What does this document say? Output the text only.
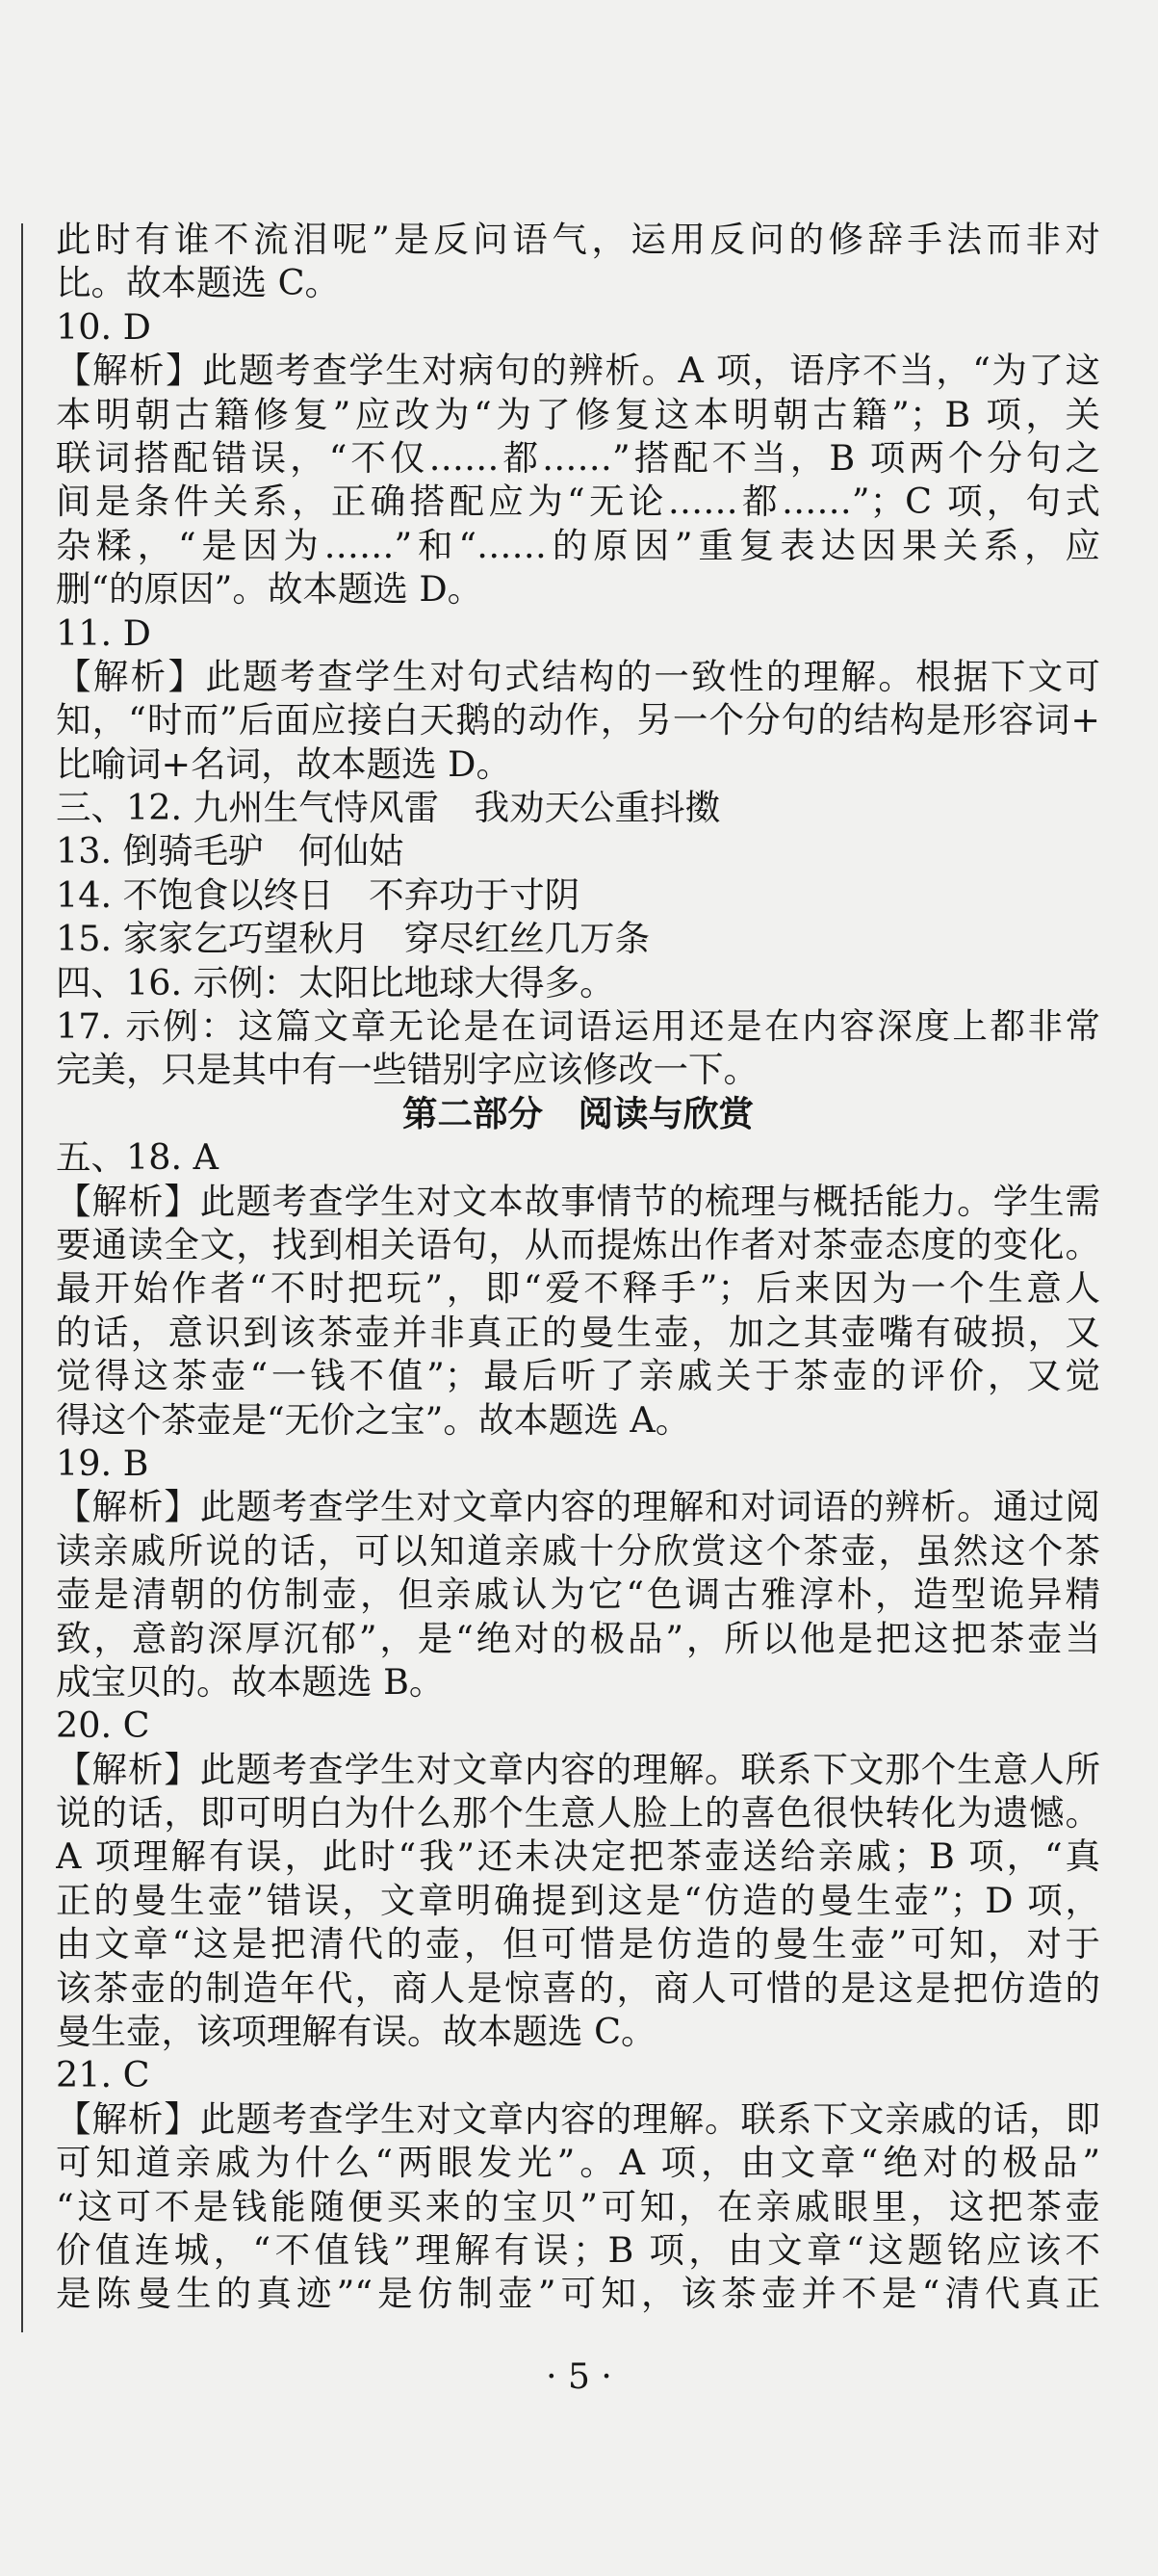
此时有谁不流泪呢”是反问语气，运用反问的修辞手法而非对
比。故本题选 C。
10. D
【解析】此题考查学生对病句的辨析。A 项，语序不当，“为了这
本明朝古籍修复”应改为“为了修复这本明朝古籍”；B 项，关
联词搭配错误，“不仅……都……”搭配不当，B 项两个分句之
间是条件关系，正确搭配应为“无论……都……”；C 项，句式
杂糅，“是因为……”和“……的原因”重复表达因果关系，应
删“的原因”。故本题选 D。
11. D
【解析】此题考查学生对句式结构的一致性的理解。根据下文可
知，“时而”后面应接白天鹅的动作，另一个分句的结构是形容词+
比喻词+名词，故本题选 D。
三、12. 九州生气恃风雷　我劝天公重抖擞
13. 倒骑毛驴　何仙姑
14. 不饱食以终日　不弃功于寸阴
15. 家家乞巧望秋月　穿尽红丝几万条
四、16. 示例：太阳比地球大得多。
17. 示例：这篇文章无论是在词语运用还是在内容深度上都非常
完美，只是其中有一些错别字应该修改一下。
第二部分　阅读与欣赏
五、18. A
【解析】此题考查学生对文本故事情节的梳理与概括能力。学生需
要通读全文，找到相关语句，从而提炼出作者对茶壶态度的变化。
最开始作者“不时把玩”，即“爱不释手”；后来因为一个生意人
的话，意识到该茶壶并非真正的曼生壶，加之其壶嘴有破损，又
觉得这茶壶“一钱不值”；最后听了亲戚关于茶壶的评价，又觉
得这个茶壶是“无价之宝”。故本题选 A。
19. B
【解析】此题考查学生对文章内容的理解和对词语的辨析。通过阅
读亲戚所说的话，可以知道亲戚十分欣赏这个茶壶，虽然这个茶
壶是清朝的仿制壶，但亲戚认为它“色调古雅淳朴，造型诡异精
致，意韵深厚沉郁”，是“绝对的极品”，所以他是把这把茶壶当
成宝贝的。故本题选 B。
20. C
【解析】此题考查学生对文章内容的理解。联系下文那个生意人所
说的话，即可明白为什么那个生意人脸上的喜色很快转化为遗憾。
A 项理解有误，此时“我”还未决定把茶壶送给亲戚；B 项，“真
正的曼生壶”错误，文章明确提到这是“仿造的曼生壶”；D 项，
由文章“这是把清代的壶，但可惜是仿造的曼生壶”可知，对于
该茶壶的制造年代，商人是惊喜的，商人可惜的是这是把仿造的
曼生壶，该项理解有误。故本题选 C。
21. C
【解析】此题考查学生对文章内容的理解。联系下文亲戚的话，即
可知道亲戚为什么“两眼发光”。A 项，由文章“绝对的极品”
“这可不是钱能随便买来的宝贝”可知，在亲戚眼里，这把茶壶
价值连城，“不值钱”理解有误；B 项，由文章“这题铭应该不
是陈曼生的真迹”“是仿制壶”可知，该茶壶并不是“清代真正
· 5 ·
